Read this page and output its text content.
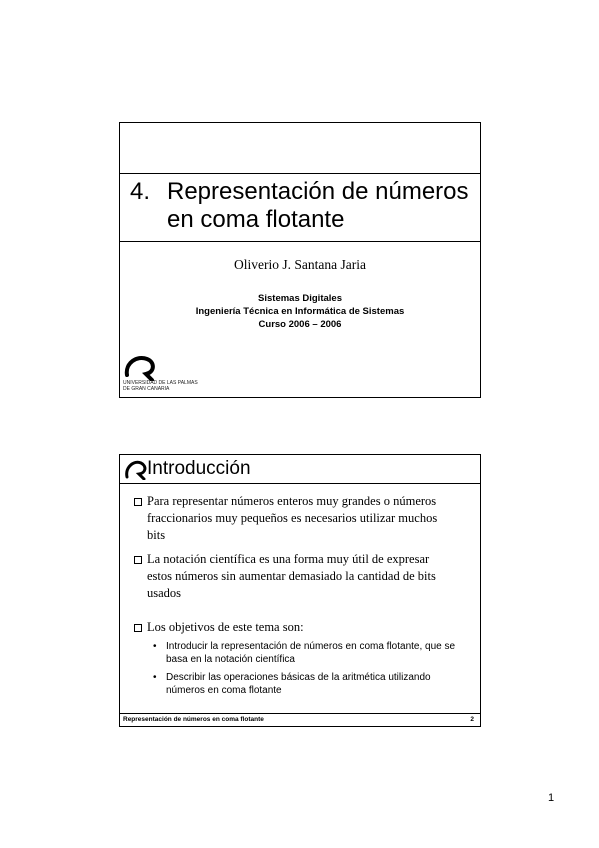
4. Representación de números en coma flotante
Oliverio J. Santana Jaria
Sistemas Digitales
Ingeniería Técnica en Informática de Sistemas
Curso 2006 – 2006
UNIVERSIDAD DE LAS PALMAS
DE GRAN CANARIA
Introducción
Para representar números enteros muy grandes o números fraccionarios muy pequeños es necesarios utilizar muchos bits
La notación científica es una forma muy útil de expresar estos números sin aumentar demasiado la cantidad de bits usados
Los objetivos de este tema son:
• Introducir la representación de números en coma flotante, que se basa en la notación científica
• Describir las operaciones básicas de la aritmética utilizando números en coma flotante
Representación de números en coma flotante	2
1
